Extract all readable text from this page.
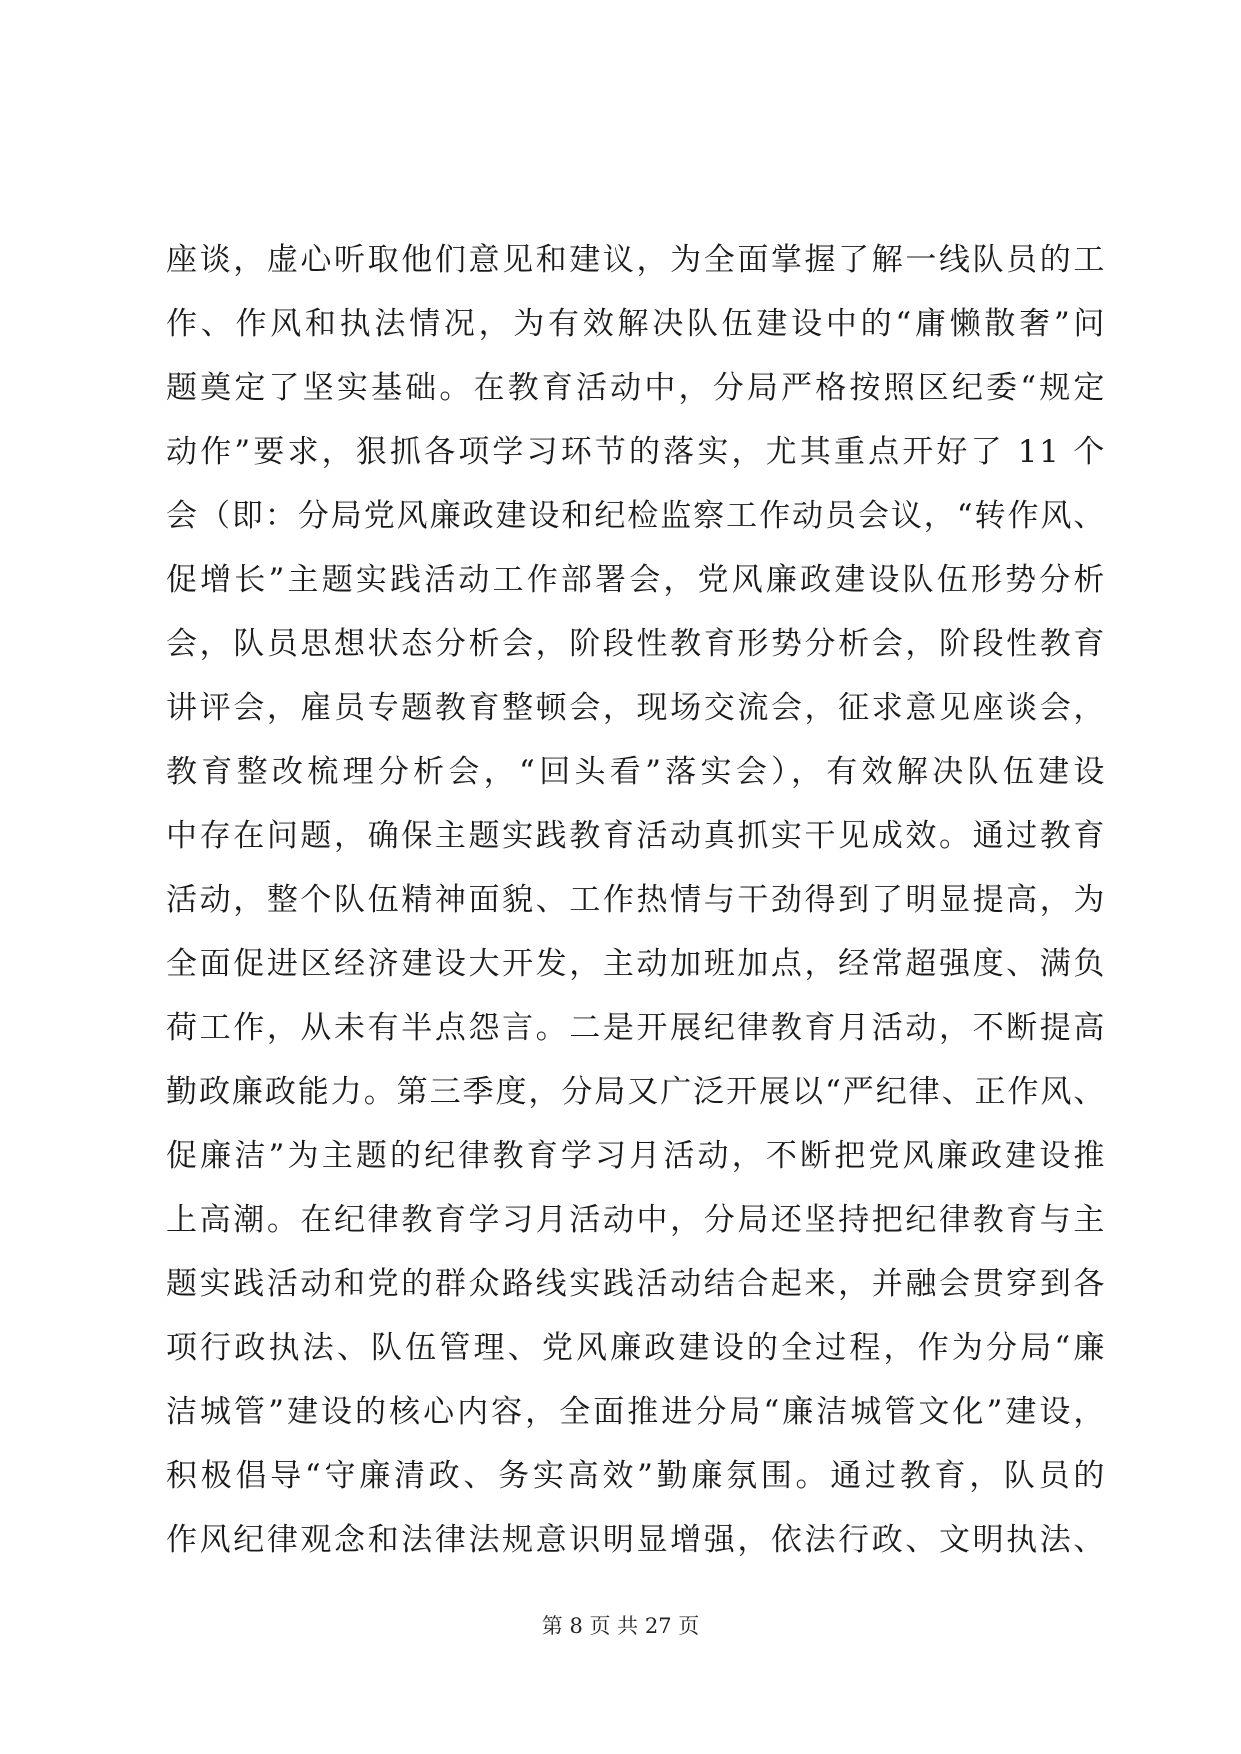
座谈，虚心听取他们意见和建议，为全面掌握了解一线队员的工
作、作风和执法情况，为有效解决队伍建设中的“庸懒散奢”问
题奠定了坚实基础。在教育活动中，分局严格按照区纪委“规定
动作”要求，狠抓各项学习环节的落实，尤其重点开好了 11 个
会（即：分局党风廉政建设和纪检监察工作动员会议，“转作风、
促增长”主题实践活动工作部署会，党风廉政建设队伍形势分析
会，队员思想状态分析会，阶段性教育形势分析会，阶段性教育
讲评会，雇员专题教育整顿会，现场交流会，征求意见座谈会，
教育整改梳理分析会，“回头看”落实会），有效解决队伍建设
中存在问题，确保主题实践教育活动真抓实干见成效。通过教育
活动，整个队伍精神面貌、工作热情与干劲得到了明显提高，为
全面促进区经济建设大开发，主动加班加点，经常超强度、满负
荷工作，从未有半点怨言。二是开展纪律教育月活动，不断提高
勤政廉政能力。第三季度，分局又广泛开展以“严纪律、正作风、
促廉洁”为主题的纪律教育学习月活动，不断把党风廉政建设推
上高潮。在纪律教育学习月活动中，分局还坚持把纪律教育与主
题实践活动和党的群众路线实践活动结合起来，并融会贯穿到各
项行政执法、队伍管理、党风廉政建设的全过程，作为分局“廉
洁城管”建设的核心内容，全面推进分局“廉洁城管文化”建设，
积极倡导“守廉清政、务实高效”勤廉氛围。通过教育，队员的
作风纪律观念和法律法规意识明显增强，依法行政、文明执法、
第 8 页 共 27 页
